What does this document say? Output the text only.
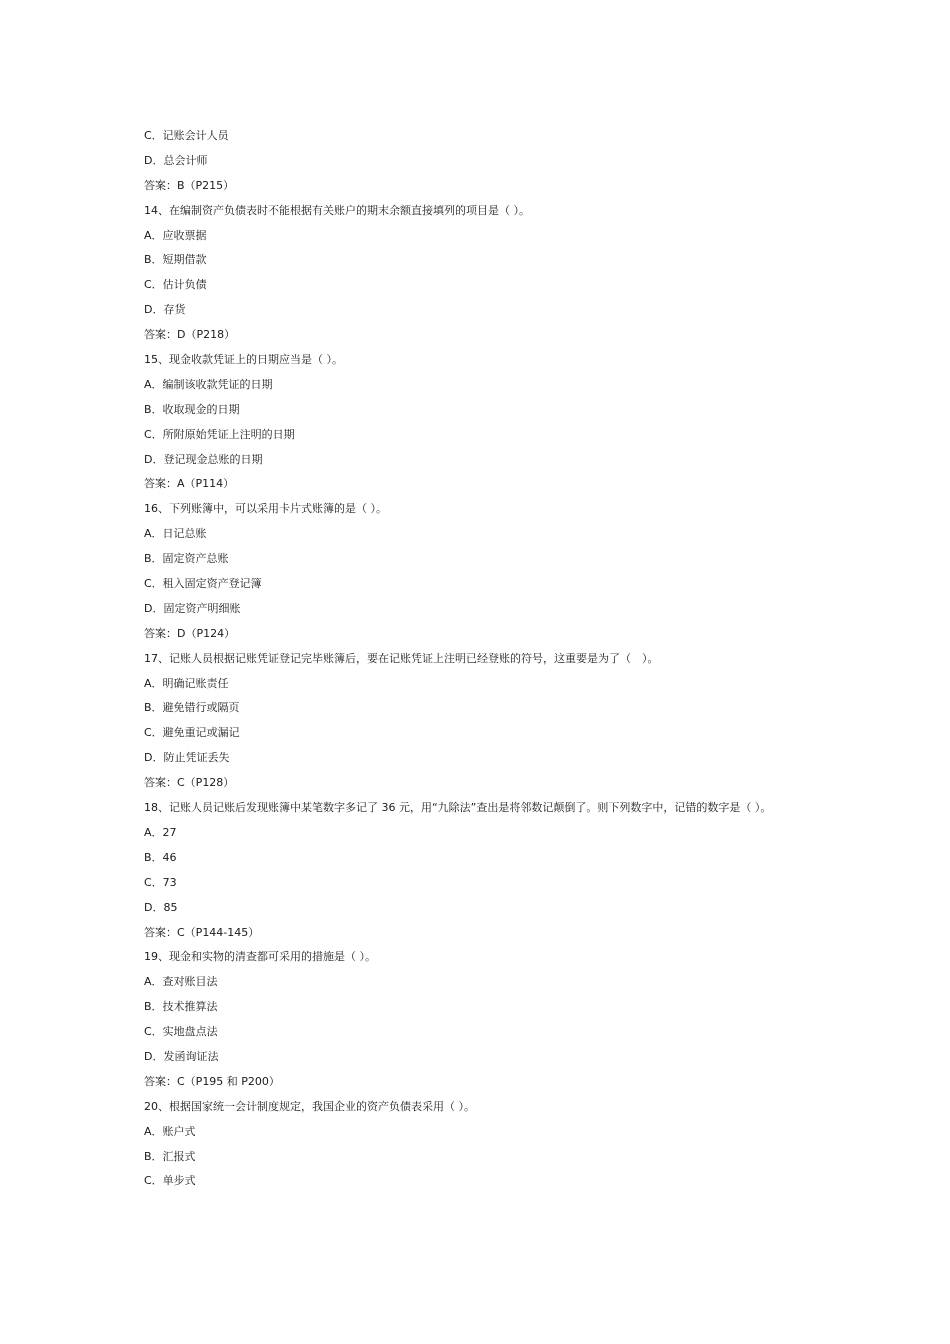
C．记账会计人员
D．总会计师
答案：B（P215）
14、在编制资产负债表时不能根据有关账户的期末余额直接填列的项目是（ ）。
A．应收票据
B．短期借款
C．估计负债
D．存货
答案：D（P218）
15、现金收款凭证上的日期应当是（ ）。
A．编制该收款凭证的日期
B．收取现金的日期
C．所附原始凭证上注明的日期
D．登记现金总账的日期
答案：A（P114）
16、下列账簿中，可以采用卡片式账簿的是（ ）。
A．日记总账
B．固定资产总账
C．租入固定资产登记簿
D．固定资产明细账
答案：D（P124）
17、记账人员根据记账凭证登记完毕账簿后，要在记账凭证上注明已经登账的符号，这重要是为了（　）。
A．明确记账责任
B．避免错行或隔页
C．避免重记或漏记
D．防止凭证丢失
答案：C（P128）
18、记账人员记账后发现账簿中某笔数字多记了 36 元，用“九除法”查出是将邻数记颠倒了。则下列数字中，记错的数字是（ ）。
A．27
B．46
C．73
D．85
答案：C（P144-145）
19、现金和实物的清查都可采用的措施是（ ）。
A．查对账目法
B．技术推算法
C．实地盘点法
D．发函询证法
答案：C（P195 和 P200）
20、根据国家统一会计制度规定，我国企业的资产负债表采用（ ）。
A．账户式
B．汇报式
C．单步式
